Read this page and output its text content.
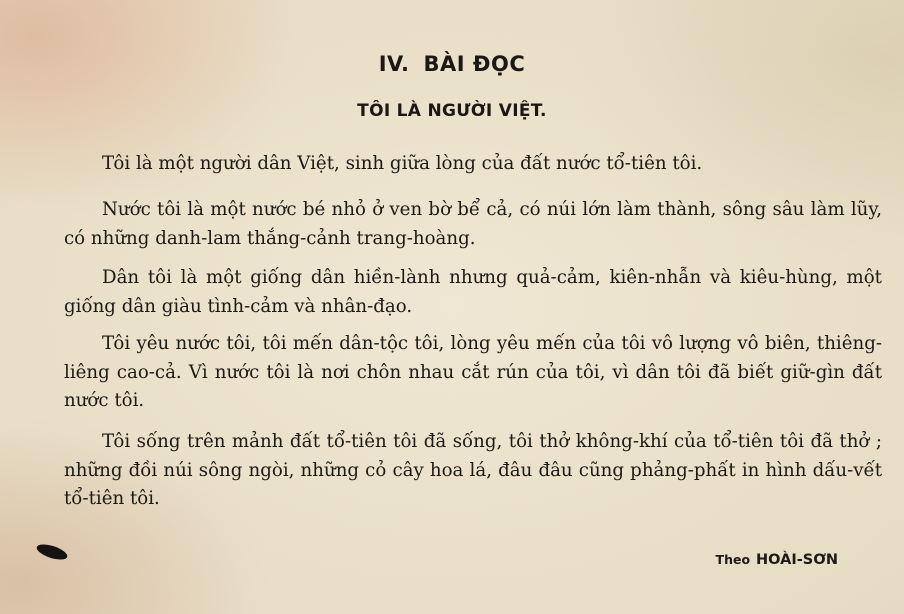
IV. BÀI ĐỌC
TÔI LÀ NGƯỜI VIỆT.

Tôi là một người dân Việt, sinh giữa lòng của đất nước tổ-tiên tôi.

Nước tôi là một nước bé nhỏ ở ven bờ bể cả, có núi lớn làm thành, sông sâu làm lũy, có những danh-lam thắng-cảnh trang-hoàng.

Dân tôi là một giống dân hiền-lành nhưng quả-cảm, kiên-nhẫn và kiêu-hùng, một giống dân giàu tình-cảm và nhân-đạo.

Tôi yêu nước tôi, tôi mến dân-tộc tôi, lòng yêu mến của tôi vô lượng vô biên, thiêng-liêng cao-cả. Vì nước tôi là nơi chôn nhau cắt rún của tôi, vì dân tôi đã biết giữ-gìn đất nước tôi.

Tôi sống trên mảnh đất tổ-tiên tôi đã sống, tôi thở không-khí của tổ-tiên tôi đã thở ; những đồi núi sông ngòi, những cỏ cây hoa lá, đâu đâu cũng phảng-phất in hình dấu-vết tổ-tiên tôi.

Theo HOÀI-SƠN
